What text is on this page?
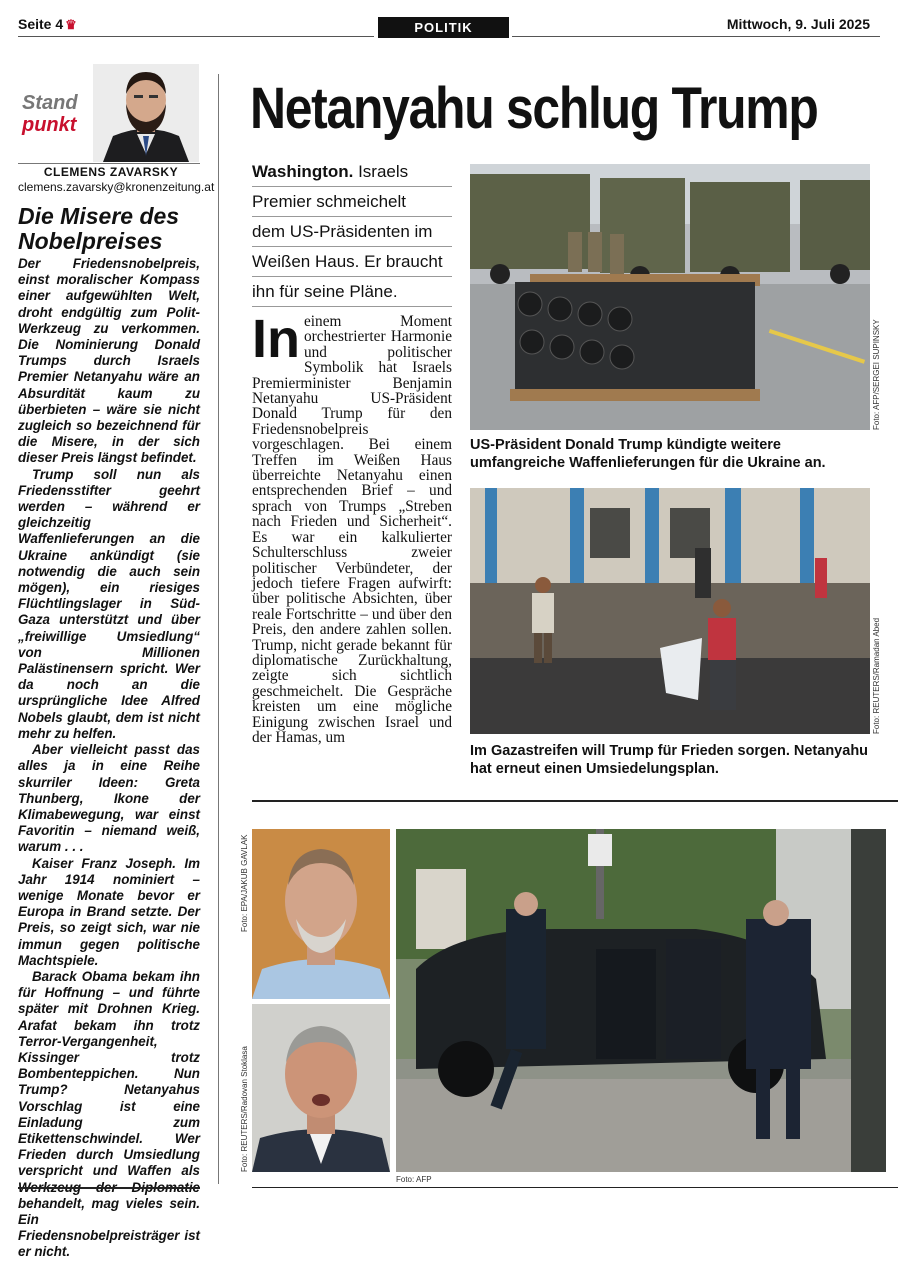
Seite 4 ♛	POLITIK	Mittwoch, 9. Juli 2025
Stand
punkt
CLEMENS ZAVARSKY
clemens.zavarsky@kronenzeitung.at
Die Misere des Nobelpreises

Der Friedensnobelpreis, einst moralischer Kompass einer aufgewühlten Welt, droht endgültig zum Polit-Werkzeug zu verkommen. Die Nominierung Donald Trumps durch Israels Premier Netanyahu wäre an Absurdität kaum zu überbieten – wäre sie nicht zugleich so bezeichnend für die Misere, in der sich dieser Preis längst befindet.

Trump soll nun als Friedensstifter geehrt werden – während er gleichzeitig Waffenlieferungen an die Ukraine ankündigt (sie notwendig die auch sein mögen), ein riesiges Flüchtlingslager in Süd-Gaza unterstützt und über „freiwillige Umsiedlung“ von Millionen Palästinensern spricht. Wer da noch an die ursprüngliche Idee Alfred Nobels glaubt, dem ist nicht mehr zu helfen.

Aber vielleicht passt das alles ja in eine Reihe skurriler Ideen: Greta Thunberg, Ikone der Klimabewegung, war einst Favoritin – niemand weiß, warum . . .

Kaiser Franz Joseph. Im Jahr 1914 nominiert – wenige Monate bevor er Europa in Brand setzte. Der Preis, so zeigt sich, war nie immun gegen politische Machtspiele.

Barack Obama bekam ihn für Hoffnung – und führte später mit Drohnen Krieg. Arafat bekam ihn trotz Terror-Vergangenheit, Kissinger trotz Bombenteppichen. Nun Trump? Netanyahus Vorschlag ist eine Einladung zum Etikettenschwindel. Wer Frieden durch Umsiedlung verspricht und Waffen als behandelt, mag vieles sein. Ein Friedensnobelpreisträger ist er nicht.

Netanyahu schlug Trump
Washington. Israels
Premier schmeichelt
dem US-Präsidenten im
Weißen Haus. Er braucht
ihn für seine Pläne.
In einem Moment orchestrierter Harmonie und politischer Symbolik hat Israels Premierminister Benjamin Netanyahu US-Präsident Donald Trump für den Friedensnobelpreis vorgeschlagen. Bei einem Treffen im Weißen Haus überreichte Netanyahu einen entsprechenden Brief – und sprach von Trumps „Streben nach Frieden und Sicherheit“. Es war ein kalkulierter Schulterschluss zweier politischer Verbündeter, der jedoch tiefere Fragen aufwirft: über politische Absichten, über reale Fortschritte – und über den Preis, den andere zahlen sollen. Trump, nicht gerade bekannt für diplomatische Zurückhaltung, zeigte sich sichtlich geschmeichelt. Die Gespräche kreisten um eine mögliche Einigung zwischen Israel und der Hamas, um
Foto: AFP/SERGEI SUPINSKY
US-Präsident Donald Trump kündigte weitere umfangreiche Waffenlieferungen für die Ukraine an.
Foto: REUTERS/Ramadan Abed
Im Gazastreifen will Trump für Frieden sorgen. Netanyahu hat erneut einen Umsiedelungsplan.
Foto: EPA/JAKUB GAVLAK
Foto: REUTERS/Radovan Stoklasa
Foto: AFP
